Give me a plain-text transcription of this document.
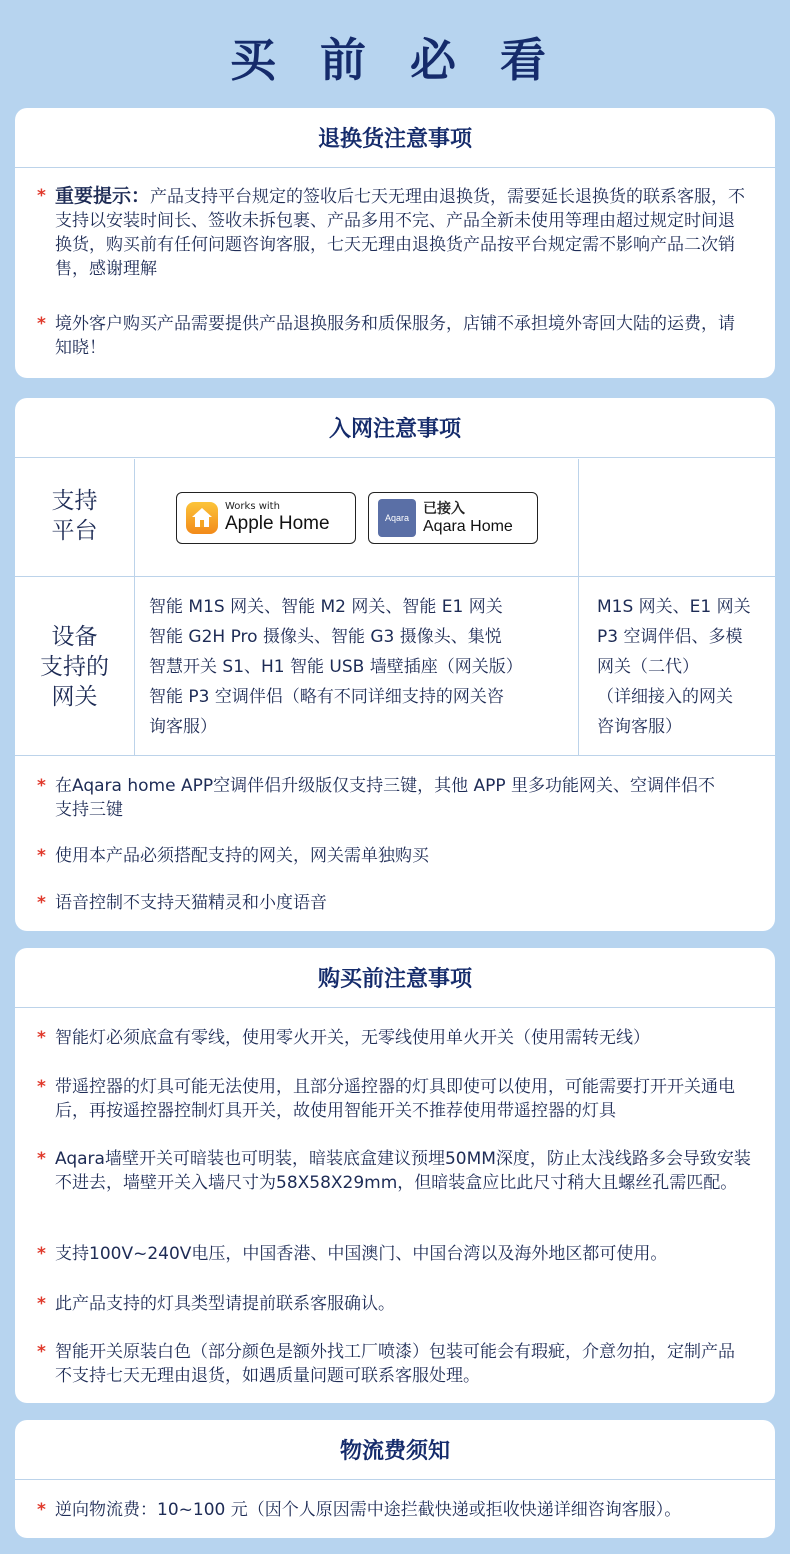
买 前 必 看
退换货注意事项
* 重要提示：产品支持平台规定的签收后七天无理由退换货，需要延长退换货的联系客服，不支持以安装时间长、签收未拆包裹、产品多用不完、产品全新未使用等理由超过规定时间退换货，购买前有任何问题咨询客服，七天无理由退换货产品按平台规定需不影响产品二次销售，感谢理解
* 境外客户购买产品需要提供产品退换服务和质保服务，店铺不承担境外寄回大陆的运费，请知晓！
入网注意事项
支持
平台
Works with
Apple Home	Aqara
已接入
Aqara Home
设备
支持的
网关
智能 M1S 网关、智能 M2 网关、智能 E1 网关
智能 G2H Pro 摄像头、智能 G3 摄像头、集悦
智慧开关 S1、H1 智能 USB 墙壁插座（网关版）
智能 P3 空调伴侣（略有不同详细支持的网关咨
询客服）
M1S 网关、E1 网关
P3 空调伴侣、多模
网关（二代）
（详细接入的网关
咨询客服）
* 在Aqara home APP空调伴侣升级版仅支持三键，其他 APP 里多功能网关、空调伴侣不支持三键
* 使用本产品必须搭配支持的网关，网关需单独购买
* 语音控制不支持天猫精灵和小度语音
购买前注意事项
* 智能灯必须底盒有零线，使用零火开关，无零线使用单火开关（使用需转无线）
* 带遥控器的灯具可能无法使用，且部分遥控器的灯具即使可以使用，可能需要打开开关通电后，再按遥控器控制灯具开关，故使用智能开关不推荐使用带遥控器的灯具
* Aqara墙壁开关可暗装也可明装，暗装底盒建议预埋50MM深度，防止太浅线路多会导致安装不进去，墙壁开关入墙尺寸为58X58X29mm，但暗装盒应比此尺寸稍大且螺丝孔需匹配。
* 支持100V~240V电压，中国香港、中国澳门、中国台湾以及海外地区都可使用。
* 此产品支持的灯具类型请提前联系客服确认。
* 智能开关原装白色（部分颜色是额外找工厂喷漆）包装可能会有瑕疵，介意勿拍，定制产品不支持七天无理由退货，如遇质量问题可联系客服处理。
物流费须知
* 逆向物流费：10~100 元（因个人原因需中途拦截快递或拒收快递详细咨询客服）。
